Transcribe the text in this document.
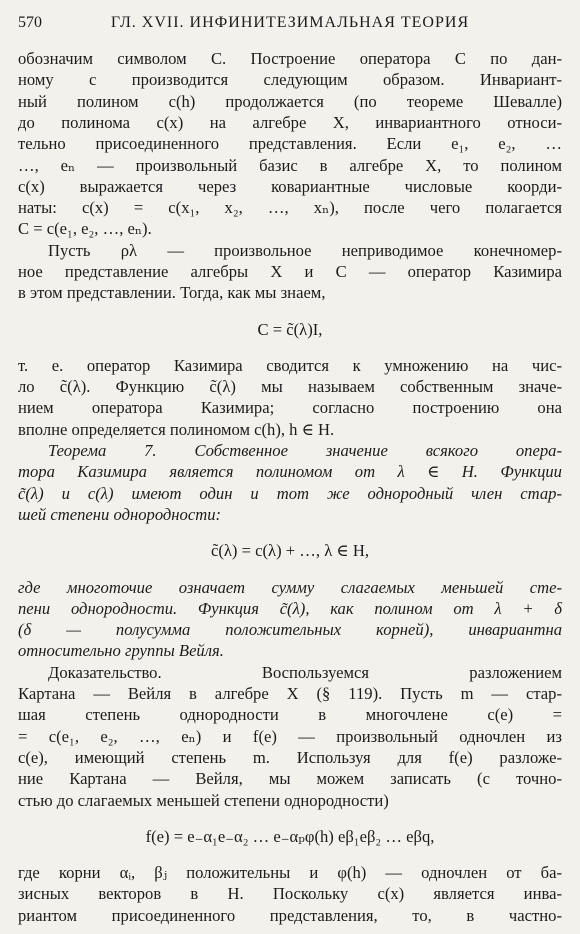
570	ГЛ. XVII. ИНФИНИТЕЗИМАЛЬНАЯ ТЕОРИЯ
обозначим символом C. Построение оператора C по дан-
ному c производится следующим образом. Инвариант-
ный полином c(h) продолжается (по теореме Шевалле)
до полинома c(x) на алгебре X, инвариантного относи-
тельно присоединенного представления. Если e₁, e₂, …
…, eₙ — произвольный базис в алгебре X, то полином
c(x) выражается через ковариантные числовые коорди-
наты: c(x) = c(x₁, x₂, …, xₙ), после чего полагается
C = c(e₁, e₂, …, eₙ).
Пусть ρλ — произвольное неприводимое конечномер-
ное представление алгебры X и C — оператор Казимира
в этом представлении. Тогда, как мы знаем,
C = c̃(λ)I,
т. е. оператор Казимира сводится к умножению на чис-
ло c̃(λ). Функцию c̃(λ) мы называем собственным значе-
нием оператора Казимира; согласно построению она
вполне определяется полиномом c(h), h ∈ H.
Теорема 7. Собственное значение всякого опера-
тора Казимира является полиномом от λ ∈ H. Функции
c̃(λ) и c(λ) имеют один и тот же однородный член стар-
шей степени однородности:
c̃(λ) = c(λ) + …, λ ∈ H,
где многоточие означает сумму слагаемых меньшей сте-
пени однородности. Функция c̃(λ), как полином от λ + δ
(δ — полусумма положительных корней), инвариантна
относительно группы Вейля.
Доказательство. Воспользуемся разложением
Картана — Вейля в алгебре X (§ 119). Пусть m — стар-
шая степень однородности в многочлене c(e) =
= c(e₁, e₂, …, eₙ) и f(e) — произвольный одночлен из
c(e), имеющий степень m. Используя для f(e) разложе-
ние Картана — Вейля, мы можем записать (с точно-
стью до слагаемых меньшей степени однородности)
f(e) = e₋α₁e₋α₂ … e₋αₚφ(h) eβ₁eβ₂ … eβq,
где корни αᵢ, βⱼ положительны и φ(h) — одночлен от ба-
зисных векторов в H. Поскольку c(x) является инва-
риантом присоединенного представления, то, в частно-
